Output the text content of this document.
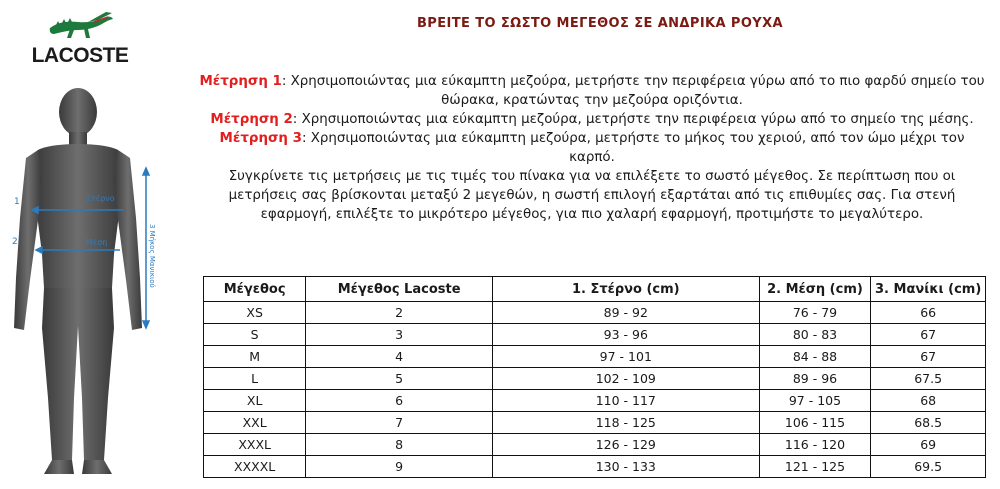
LACOSTE
Στέρνο
Μέση
1
2	3 Μήκος Μανικιού
ΒΡΕΙΤΕ ΤΟ ΣΩΣΤΟ ΜΕΓΕΘΟΣ ΣΕ ΑΝΔΡΙΚΑ ΡΟΥΧΑ

Μέτρηση 1: Χρησιμοποιώντας μια εύκαμπτη μεζούρα, μετρήστε την περιφέρεια γύρω από το πιο φαρδύ σημείο του θώρακα, κρατώντας την μεζούρα οριζόντια.

Μέτρηση 2: Χρησιμοποιώντας μια εύκαμπτη μεζούρα, μετρήστε την περιφέρεια γύρω από το σημείο της μέσης.

Μέτρηση 3: Χρησιμοποιώντας μια εύκαμπτη μεζούρα, μετρήστε το μήκος του χεριού, από τον ώμο μέχρι τον καρπό.

Συγκρίνετε τις μετρήσεις με τις τιμές του πίνακα για να επιλέξετε το σωστό μέγεθος. Σε περίπτωση που οι μετρήσεις σας βρίσκονται μεταξύ 2 μεγεθών, η σωστή επιλογή εξαρτάται από τις επιθυμίες σας. Για στενή εφαρμογή, επιλέξτε το μικρότερο μέγεθος, για πιο χαλαρή εφαρμογή, προτιμήστε το μεγαλύτερο.

Μέγεθος	Μέγεθος Lacoste	1. Στέρνο (cm)	2. Μέση (cm)	3. Μανίκι (cm)
XS	2	89 - 92	76 - 79	66
S	3	93 - 96	80 - 83	67
M	4	97 - 101	84 - 88	67
L	5	102 - 109	89 - 96	67.5
XL	6	110 - 117	97 - 105	68
XXL	7	118 - 125	106 - 115	68.5
XXXL	8	126 - 129	116 - 120	69
XXXXL	9	130 - 133	121 - 125	69.5
